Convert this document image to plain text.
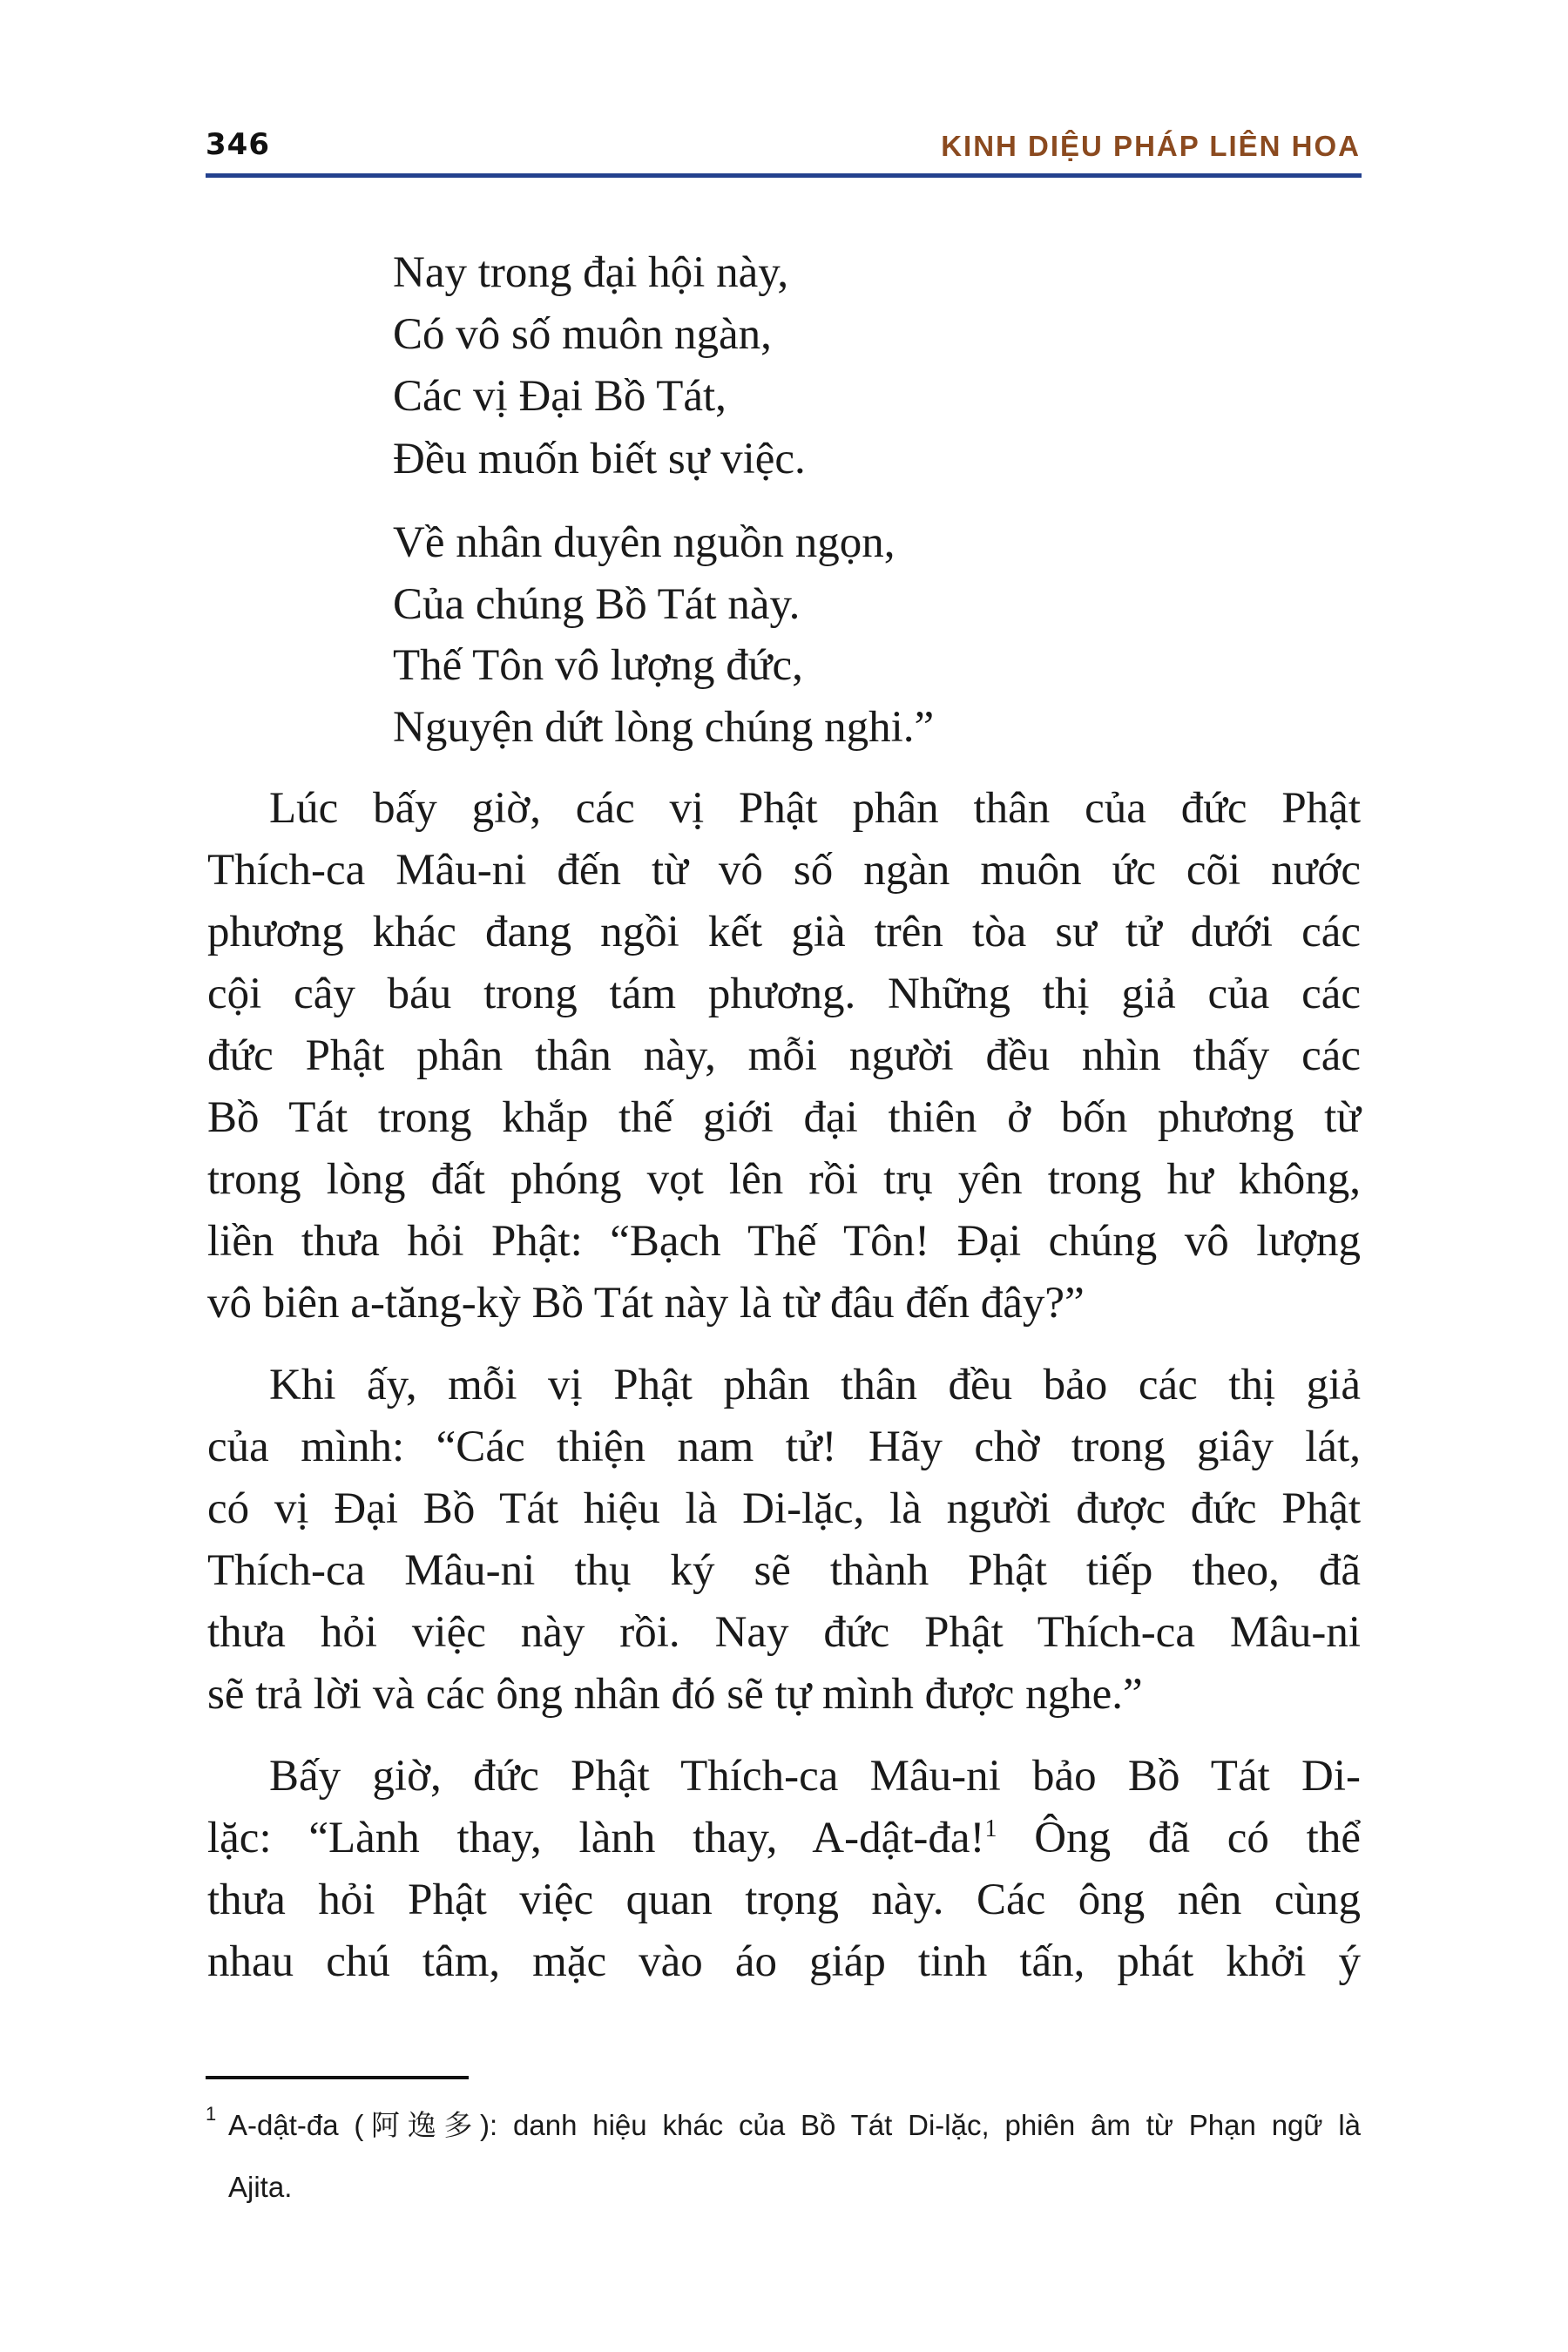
346	KINH DIỆU PHÁP LIÊN HOA
Nay trong đại hội này,
Có vô số muôn ngàn,
Các vị Đại Bồ Tát,
Đều muốn biết sự việc.
Về nhân duyên nguồn ngọn,
Của chúng Bồ Tát này.
Thế Tôn vô lượng đức,
Nguyện dứt lòng chúng nghi.”
Lúc bấy giờ, các vị Phật phân thân của đức Phật
Thích-ca Mâu-ni đến từ vô số ngàn muôn ức cõi nước
phương khác đang ngồi kết già trên tòa sư tử dưới các
cội cây báu trong tám phương. Những thị giả của các
đức Phật phân thân này, mỗi người đều nhìn thấy các
Bồ Tát trong khắp thế giới đại thiên ở bốn phương từ
trong lòng đất phóng vọt lên rồi trụ yên trong hư không,
liền thưa hỏi Phật: “Bạch Thế Tôn! Đại chúng vô lượng
vô biên a-tăng-kỳ Bồ Tát này là từ đâu đến đây?”
Khi ấy, mỗi vị Phật phân thân đều bảo các thị giả
của mình: “Các thiện nam tử! Hãy chờ trong giây lát,
có vị Đại Bồ Tát hiệu là Di-lặc, là người được đức Phật
Thích-ca Mâu-ni thụ ký sẽ thành Phật tiếp theo, đã
thưa hỏi việc này rồi. Nay đức Phật Thích-ca Mâu-ni
sẽ trả lời và các ông nhân đó sẽ tự mình được nghe.”
Bấy giờ, đức Phật Thích-ca Mâu-ni bảo Bồ Tát Di-
lặc: “Lành thay, lành thay, A-dật-đa!$^1$ Ông đã có thể
thưa hỏi Phật việc quan trọng này. Các ông nên cùng
nhau chú tâm, mặc vào áo giáp tinh tấn, phát khởi ý
1 A-dật-đa (阿逸多): danh hiệu khác của Bồ Tát Di-lặc, phiên âm từ Phạn ngữ là
Ajita.
